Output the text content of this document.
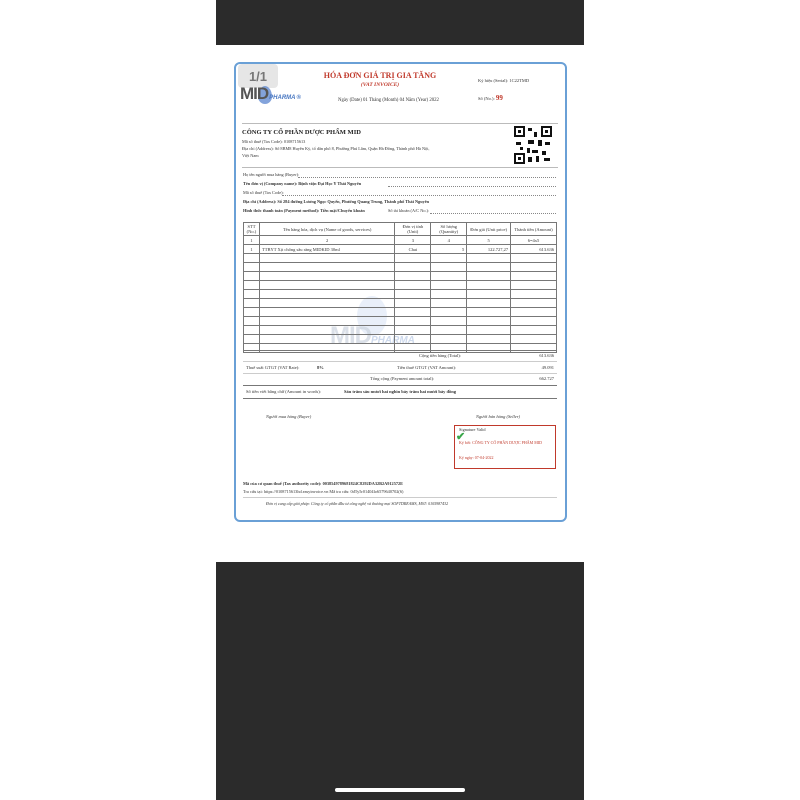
1/1
MIDPHARMA®
HÓA ĐƠN GIÁ TRỊ GIA TĂNG
(VAT INVOICE)
Ngày (Date) 01 Tháng (Month) 04 Năm (Year) 2022
Ký hiệu (Serial): 1C22TMD
Số (No.): 99
CÔNG TY CỔ PHẦN DƯỢC PHẨM MID
Mã số thuế (Tax Code): 0108715613
Địa chỉ (Address): Số 8BM8 Huyền Kỳ, tổ dân phố 8, Phường Phú Lãm, Quận Hà Đông, Thành phố Hà Nội,
Việt Nam
Họ tên người mua hàng (Buyer):
Tên đơn vị (Company name): Bệnh viện Đại Học Y Thái Nguyên
Mã số thuế (Tax Code):
Địa chỉ (Address): Số 284 đường Lương Ngọc Quyến, Phường Quang Trung, Thành phố Thái Nguyên
Hình thức thanh toán (Payment method): Tiền mặt/Chuyển khoản	Số tài khoản (A/C No.):
MIDPHARMA
STT (No.)	Tên hàng hóa, dịch vụ (Name of goods, services)	Đơn vị tính (Unit)	Số lượng (Quantity)	Đơn giá (Unit price)	Thành tiền (Amount)
1	2	3	4	5	6=4x5
1	TTBYT Xịt chống sâu răng MIDKID 30ml	Chai	5	122.727,27	613.636

Cộng tiền hàng (Total):	613.636
Thuế suất GTGT (VAT Rate):	8%	Tiền thuế GTGT (VAT Amount):	49.091
Tổng cộng (Payment amount total):	662.727
Số tiền viết bằng chữ (Amount in words):	Sáu trăm sáu mươi hai nghìn bảy trăm hai mươi bảy đồng
Người mua hàng (Buyer)	Người bán hàng (Seller)
✔
Signature Valid
Ký bởi: CÔNG TY CỔ PHẦN DƯỢC PHẨM MID
Ký ngày: 07-04-2022
Mã của cơ quan thuế (Tax authority code): 0038549789681824C8292DA32B2A912572E
Tra cứu tại: https://0108715613hd.easyinvoice.vn Mã tra cứu: 0dTy5r01404lo6579640702(6)
Đơn vị cung cấp giải pháp: Công ty cổ phần đầu tư công nghệ và thương mại SOFTDREAMS, MST: 0105987432
